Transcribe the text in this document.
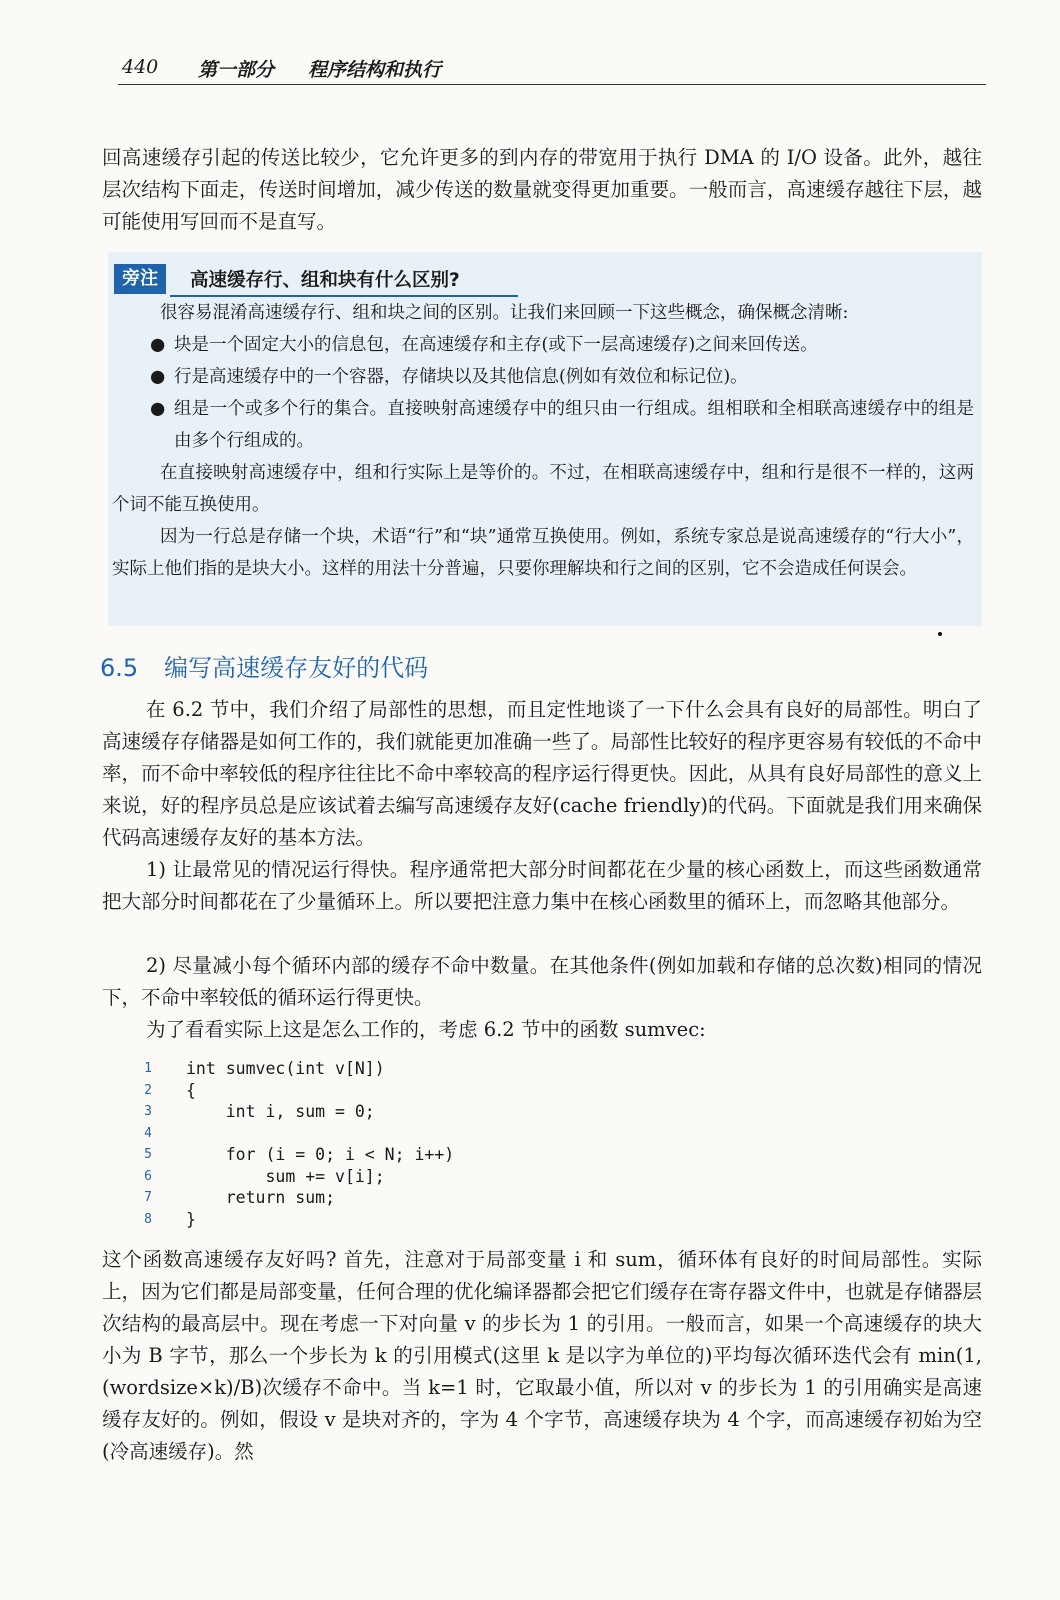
440 第一部分 程序结构和执行

回高速缓存引起的传送比较少，它允许更多的到内存的带宽用于执行 DMA 的 I/O 设备。此外，越往层次结构下面走，传送时间增加，减少传送的数量就变得更加重要。一般而言，高速缓存越往下层，越可能使用写回而不是直写。

旁注	高速缓存行、组和块有什么区别?

很容易混淆高速缓存行、组和块之间的区别。让我们来回顾一下这些概念，确保概念清晰:

● 块是一个固定大小的信息包，在高速缓存和主存(或下一层高速缓存)之间来回传送。
● 行是高速缓存中的一个容器，存储块以及其他信息(例如有效位和标记位)。
● 组是一个或多个行的集合。直接映射高速缓存中的组只由一行组成。组相联和全相联高速缓存中的组是由多个行组成的。

在直接映射高速缓存中，组和行实际上是等价的。不过，在相联高速缓存中，组和行是很不一样的，这两个词不能互换使用。

因为一行总是存储一个块，术语“行”和“块”通常互换使用。例如，系统专家总是说高速缓存的“行大小”，实际上他们指的是块大小。这样的用法十分普遍，只要你理解块和行之间的区别，它不会造成任何误会。

6.5 编写高速缓存友好的代码

在 6.2 节中，我们介绍了局部性的思想，而且定性地谈了一下什么会具有良好的局部性。明白了高速缓存存储器是如何工作的，我们就能更加准确一些了。局部性比较好的程序更容易有较低的不命中率，而不命中率较低的程序往往比不命中率较高的程序运行得更快。因此，从具有良好局部性的意义上来说，好的程序员总是应该试着去编写高速缓存友好(cache friendly)的代码。下面就是我们用来确保代码高速缓存友好的基本方法。

1) 让最常见的情况运行得快。程序通常把大部分时间都花在少量的核心函数上，而这些函数通常把大部分时间都花在了少量循环上。所以要把注意力集中在核心函数里的循环上，而忽略其他部分。

2) 尽量减小每个循环内部的缓存不命中数量。在其他条件(例如加载和存储的总次数)相同的情况下，不命中率较低的循环运行得更快。

为了看看实际上这是怎么工作的，考虑 6.2 节中的函数 sumvec:

1 int sumvec(int v[N])
2 {
3 int i, sum = 0;
4
5 for (i = 0; i < N; i++)
6 sum += v[i];
7 return sum;
8 }

这个函数高速缓存友好吗? 首先，注意对于局部变量 i 和 sum，循环体有良好的时间局部性。实际上，因为它们都是局部变量，任何合理的优化编译器都会把它们缓存在寄存器文件中，也就是存储器层次结构的最高层中。现在考虑一下对向量 v 的步长为 1 的引用。一般而言，如果一个高速缓存的块大小为 B 字节，那么一个步长为 k 的引用模式(这里 k 是以字为单位的)平均每次循环迭代会有 min(1, (wordsize×k)/B)次缓存不命中。当 k=1 时，它取最小值，所以对 v 的步长为 1 的引用确实是高速缓存友好的。例如，假设 v 是块对齐的，字为 4 个字节，高速缓存块为 4 个字，而高速缓存初始为空(冷高速缓存)。然
